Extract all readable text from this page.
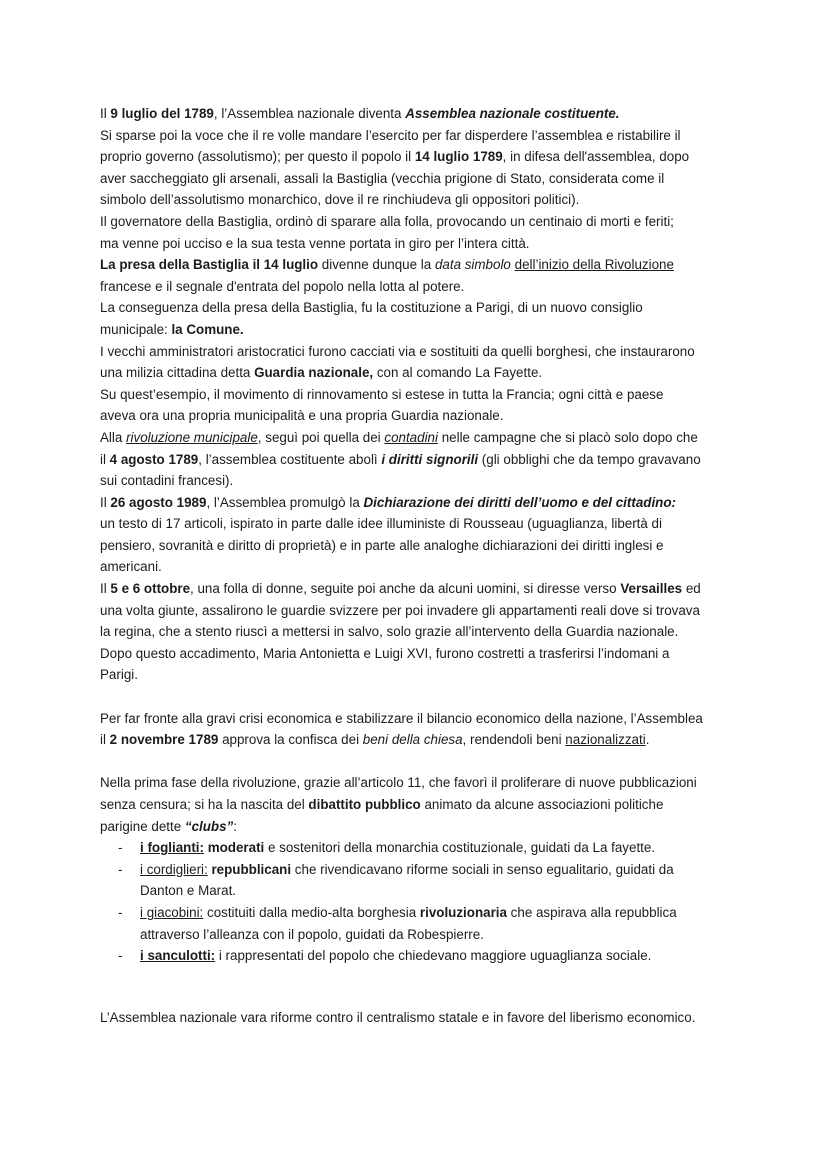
Il 9 luglio del 1789, l’Assemblea nazionale diventa Assemblea nazionale costituente.
Si sparse poi la voce che il re volle mandare l’esercito per far disperdere l’assemblea e ristabilire il
proprio governo (assolutismo); per questo il popolo il 14 luglio 1789, in difesa dell'assemblea, dopo
aver saccheggiato gli arsenali, assalì la Bastiglia (vecchia prigione di Stato, considerata come il
simbolo dell’assolutismo monarchico, dove il re rinchiudeva gli oppositori politici).
Il governatore della Bastiglia, ordinò di sparare alla folla, provocando un centinaio di morti e feriti;
ma venne poi ucciso e la sua testa venne portata in giro per l’intera città.
La presa della Bastiglia il 14 luglio divenne dunque la data simbolo dell’inizio della Rivoluzione
francese e il segnale d'entrata del popolo nella lotta al potere.
La conseguenza della presa della Bastiglia, fu la costituzione a Parigi, di un nuovo consiglio
municipale: la Comune.
I vecchi amministratori aristocratici furono cacciati via e sostituiti da quelli borghesi, che instaurarono
una milizia cittadina detta Guardia nazionale, con al comando La Fayette.
Su quest’esempio, il movimento di rinnovamento si estese in tutta la Francia; ogni città e paese
aveva ora una propria municipalità e una propria Guardia nazionale.
Alla rivoluzione municipale, seguì poi quella dei contadini nelle campagne che si placò solo dopo che
il 4 agosto 1789, l’assemblea costituente abolì i diritti signorili (gli obblighi che da tempo gravavano
sui contadini francesi).
Il 26 agosto 1989, l’Assemblea promulgò la Dichiarazione dei diritti dell’uomo e del cittadino:
un testo di 17 articoli, ispirato in parte dalle idee illuministe di Rousseau (uguaglianza, libertà di
pensiero, sovranità e diritto di proprietà) e in parte alle analoghe dichiarazioni dei diritti inglesi e
americani.
Il 5 e 6 ottobre, una folla di donne, seguite poi anche da alcuni uomini, si diresse verso Versailles ed
una volta giunte, assalirono le guardie svizzere per poi invadere gli appartamenti reali dove si trovava
la regina, che a stento riuscì a mettersi in salvo, solo grazie all’intervento della Guardia nazionale.
Dopo questo accadimento, Maria Antonietta e Luigi XVI, furono costretti a trasferirsi l’indomani a
Parigi.
Per far fronte alla gravi crisi economica e stabilizzare il bilancio economico della nazione, l’Assemblea
il 2 novembre 1789 approva la confisca dei beni della chiesa, rendendoli beni nazionalizzati.
Nella prima fase della rivoluzione, grazie all’articolo 11, che favorì il proliferare di nuove pubblicazioni
senza censura; si ha la nascita del dibattito pubblico animato da alcune associazioni politiche
parigine dette “clubs”:
- i foglianti: moderati e sostenitori della monarchia costituzionale, guidati da La fayette.
- i cordiglieri: repubblicani che rivendicavano riforme sociali in senso egualitario, guidati da
Danton e Marat.
- i giacobini: costituiti dalla medio-alta borghesia rivoluzionaria che aspirava alla repubblica
attraverso l’alleanza con il popolo, guidati da Robespierre.
- i sanculotti: i rappresentati del popolo che chiedevano maggiore uguaglianza sociale.
L’Assemblea nazionale vara riforme contro il centralismo statale e in favore del liberismo economico.
